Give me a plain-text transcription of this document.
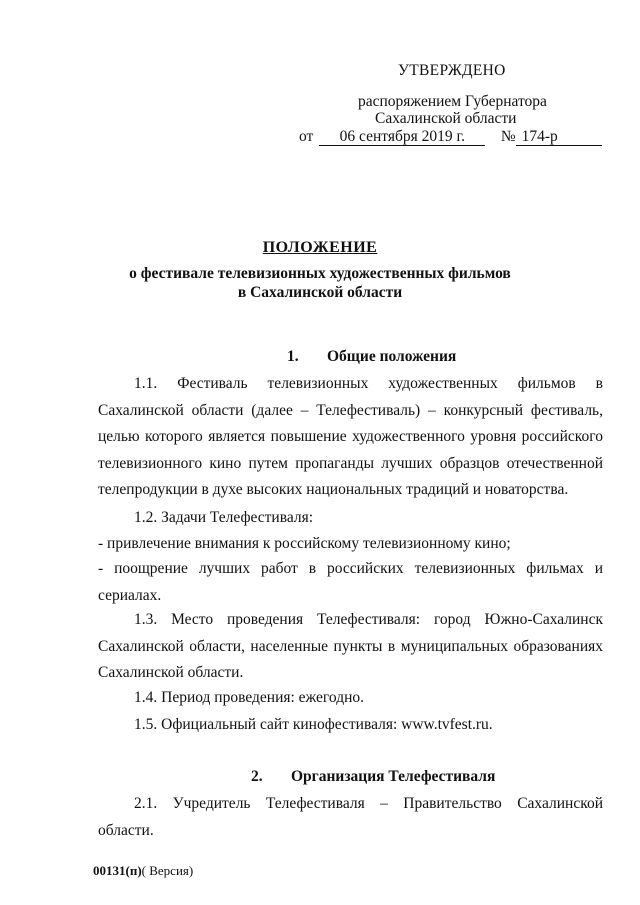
УТВЕРЖДЕНО
распоряжением Губернатора
Сахалинской области
от 06 сентября 2019 г. № 174-р
ПОЛОЖЕНИЕ
о фестивале телевизионных художественных фильмов
в Сахалинской области
1. Общие положения
1.1. Фестиваль телевизионных художественных фильмов в Сахалинской области (далее – Телефестиваль) – конкурсный фестиваль, целью которого является повышение художественного уровня российского телевизионного кино путем пропаганды лучших образцов отечественной телепродукции в духе высоких национальных традиций и новаторства.
1.2. Задачи Телефестиваля:
- привлечение внимания к российскому телевизионному кино;
- поощрение лучших работ в российских телевизионных фильмах и сериалах.
1.3. Место проведения Телефестиваля: город Южно-Сахалинск Сахалинской области, населенные пункты в муниципальных образованиях Сахалинской области.
1.4. Период проведения: ежегодно.
1.5. Официальный сайт кинофестиваля: www.tvfest.ru.
2. Организация Телефестиваля
2.1. Учредитель Телефестиваля – Правительство Сахалинской области.
00131(п)( Версия)
